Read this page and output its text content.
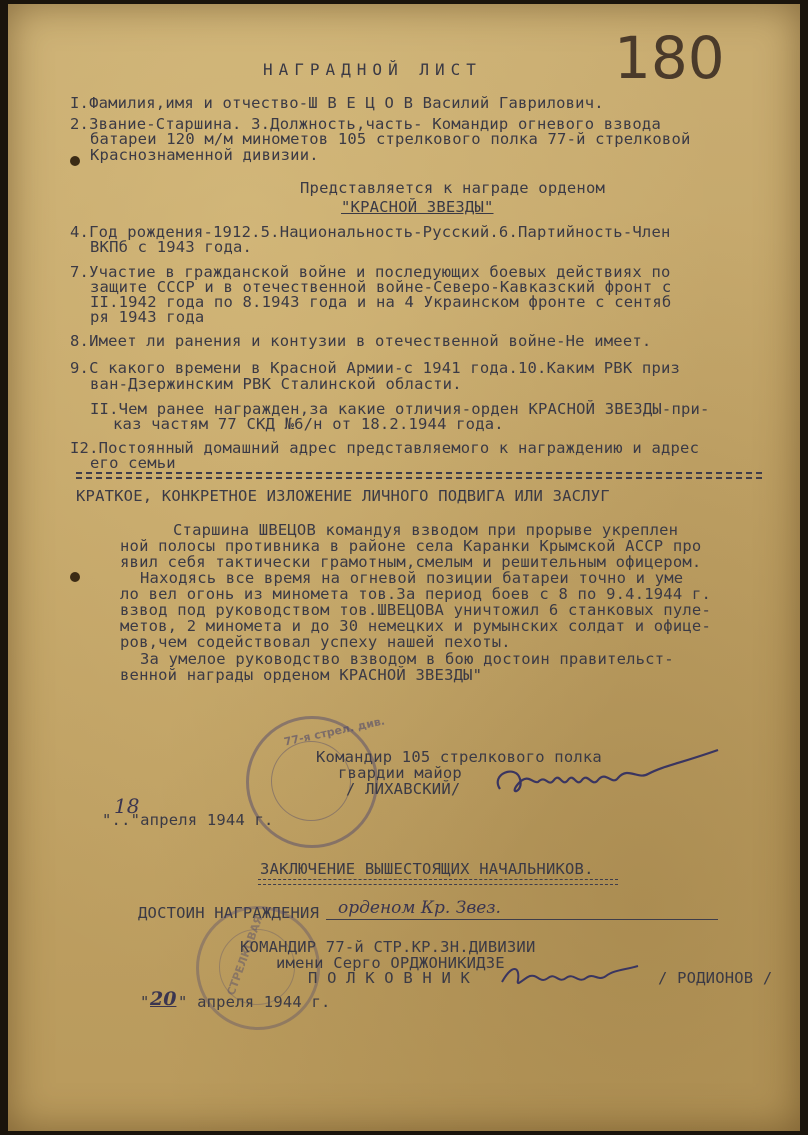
180
НАГРАДНОЙ ЛИСТ
I.Фамилия,имя и отчество-Ш В Е Ц О В Василий Гаврилович.
2.Звание-Старшина. 3.Должность,часть- Командир огневого взвода
батареи 120 м/м минометов 105 стрелкового полка 77-й стрелковой
Краснознаменной дивизии.
Представляется к награде орденом
"КРАСНОЙ ЗВЕЗДЫ"
4.Год рождения-1912.5.Национальность-Русский.6.Партийность-Член
ВКПб с 1943 года.
7.Участие в гражданской войне и последующих боевых действиях по
защите СССР и в отечественной войне-Северо-Кавказский фронт с
II.1942 года по 8.1943 года и на 4 Украинском фронте с сентяб
ря 1943 года
8.Имеет ли ранения и контузии в отечественной войне-Не имеет.
9.С какого времени в Красной Армии-с 1941 года.10.Каким РВК приз
ван-Дзержинским РВК Сталинской области.
II.Чем ранее награжден,за какие отличия-орден КРАСНОЙ ЗВЕЗДЫ-при-
каз частям 77 СКД №6/н от 18.2.1944 года.
I2.Постоянный домашний адрес представляемого к награждению и адрес
его семьи
КРАТКОЕ, КОНКРЕТНОЕ ИЗЛОЖЕНИЕ ЛИЧНОГО ПОДВИГА ИЛИ ЗАСЛУГ
Старшина ШВЕЦОВ командуя взводом при прорыве укреплен
ной полосы противника в районе села Каранки Крымской АССР про
явил себя тактически грамотным,смелым и решительным офицером.
Находясь все время на огневой позиции батареи точно и уме
ло вел огонь из миномета тов.За период боев с 8 по 9.4.1944 г.
взвод под руководством тов.ШВЕЦОВА уничтожил 6 станковых пуле-
метов, 2 миномета и до 30 немецких и румынских солдат и офице-
ров,чем содействовал успеху нашей пехоты.
За умелое руководство взводом в бою достоин правительст-
венной награды орденом КРАСНОЙ ЗВЕЗДЫ"
77-я стрел. див.
Командир 105 стрелкового полка
гвардии майор
/ ЛИХАВСКИЙ/
".."апреля 1944 г.
18
ЗАКЛЮЧЕНИЕ ВЫШЕСТОЯЩИХ НАЧАЛЬНИКОВ.
ДОСТОИН НАГРАЖДЕНИЯ орденом Кр. Звез.
СТРЕЛКОВАЯ
КОМАНДИР 77-й СТР.КР.ЗН.ДИВИЗИИ
имени Серго ОРДЖОНИКИДЗЕ
П О Л К О В Н И К	/ РОДИОНОВ /
" 20 " апреля 1944 г.
